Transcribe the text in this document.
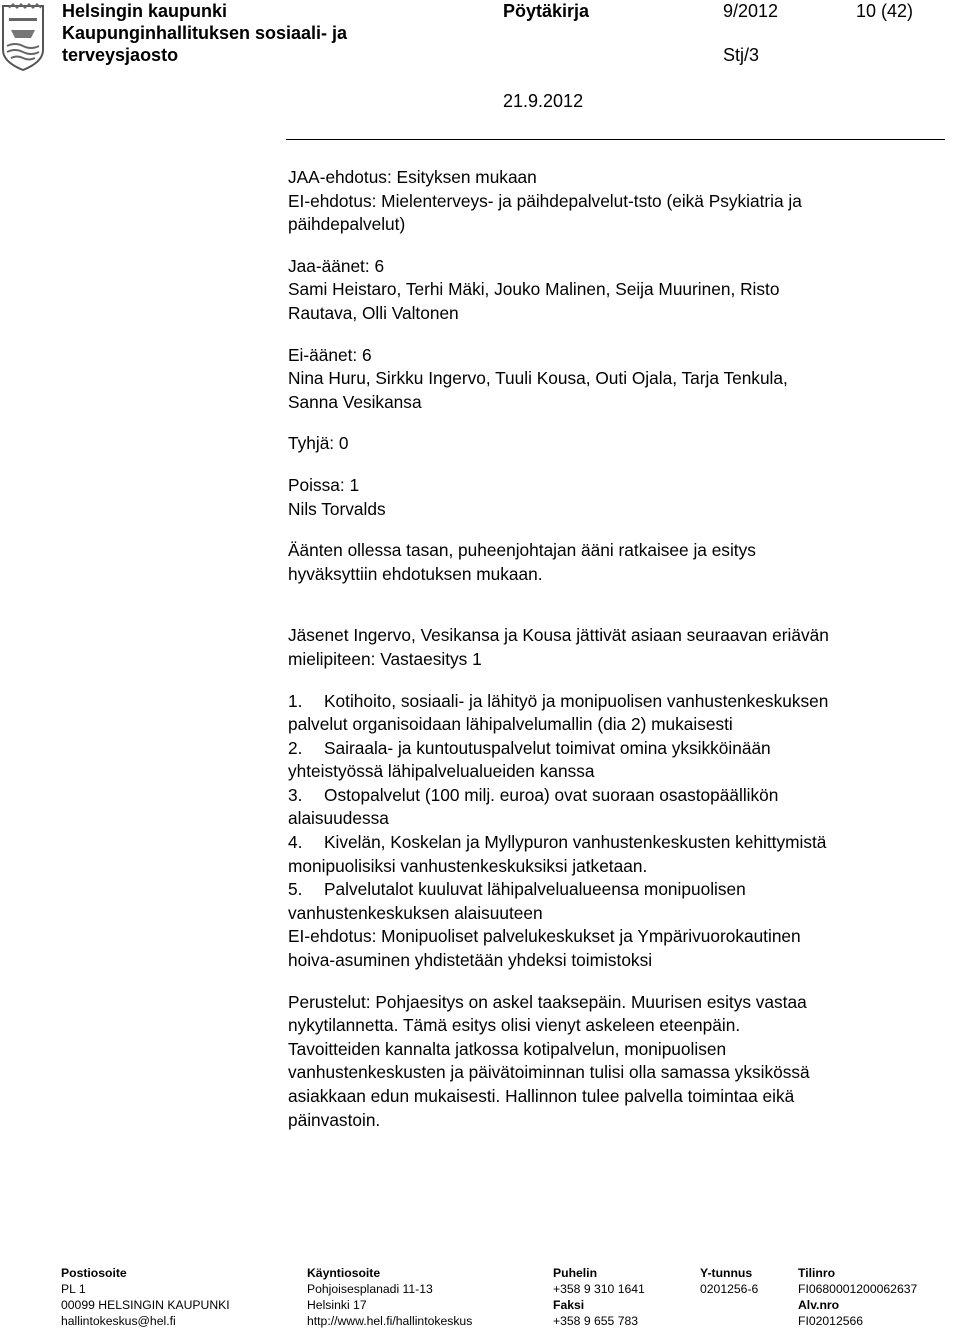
Helsingin kaupunki
Kaupunginhallituksen sosiaali- ja
terveysjaosto
Pöytäkirja	9/2012	10 (42)
Stj/3
21.9.2012

JAA-ehdotus: Esityksen mukaan

EI-ehdotus: Mielenterveys- ja päihdepalvelut-tsto (eikä Psykiatria ja

päihdepalvelut)

Jaa-äänet: 6

Sami Heistaro, Terhi Mäki, Jouko Malinen, Seija Muurinen, Risto

Rautava, Olli Valtonen

Ei-äänet: 6

Nina Huru, Sirkku Ingervo, Tuuli Kousa, Outi Ojala, Tarja Tenkula,

Sanna Vesikansa

Tyhjä: 0

Poissa: 1

Nils Torvalds

Äänten ollessa tasan, puheenjohtajan ääni ratkaisee ja esitys

hyväksyttiin ehdotuksen mukaan.

Jäsenet Ingervo, Vesikansa ja Kousa jättivät asiaan seuraavan eriävän

mielipiteen: Vastaesitys 1

1. Kotihoito, sosiaali- ja lähityö ja monipuolisen vanhustenkeskuksen
palvelut organisoidaan lähipalvelumallin (dia 2) mukaisesti
2. Sairaala- ja kuntoutuspalvelut toimivat omina yksikköinään
yhteistyössä lähipalvelualueiden kanssa
3. Ostopalvelut (100 milj. euroa) ovat suoraan osastopäällikön
alaisuudessa
4. Kivelän, Koskelan ja Myllypuron vanhustenkeskusten kehittymistä
monipuolisiksi vanhustenkeskuksiksi jatketaan.
5. Palvelutalot kuuluvat lähipalvelualueensa monipuolisen
vanhustenkeskuksen alaisuuteen

EI-ehdotus: Monipuoliset palvelukeskukset ja Ympärivuorokautinen

hoiva-asuminen yhdistetään yhdeksi toimistoksi

Perustelut: Pohjaesitys on askel taaksepäin. Muurisen esitys vastaa

nykytilannetta. Tämä esitys olisi vienyt askeleen eteenpäin.

Tavoitteiden kannalta jatkossa kotipalvelun, monipuolisen

vanhustenkeskusten ja päivätoiminnan tulisi olla samassa yksikössä

asiakkaan edun mukaisesti. Hallinnon tulee palvella toimintaa eikä

päinvastoin.

Postiosoite
PL 1
00099 HELSINGIN KAUPUNKI
hallintokeskus@hel.fi
Käyntiosoite
Pohjoisesplanadi 11-13
Helsinki 17
http://www.hel.fi/hallintokeskus
Puhelin
+358 9 310 1641
Faksi
+358 9 655 783
Y-tunnus
0201256-6
Tilinro
FI0680001200062637
Alv.nro
FI02012566
